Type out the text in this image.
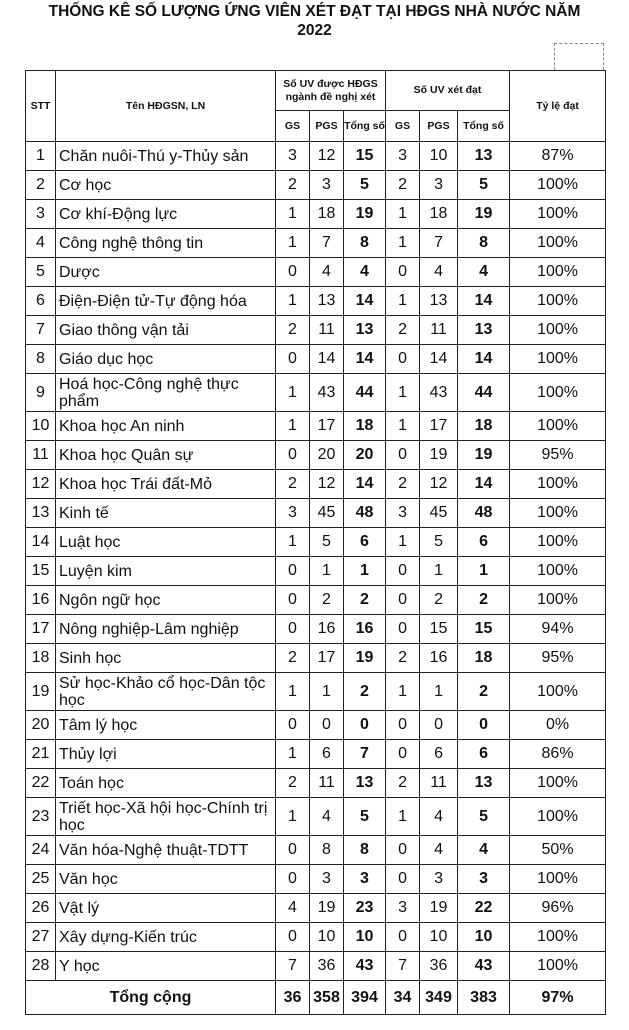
THỐNG KÊ SỐ LƯỢNG ỨNG VIÊN XÉT ĐẠT TẠI HĐGS NHÀ NƯỚC NĂM
2022
STT	Tên HĐGSN, LN	Số UV được HĐGS ngành đề nghị xét			Số UV xét đạt			Tỷ lệ đạt
		GS	PGS	Tổng số	GS	PGS	Tổng số	
1	Chăn nuôi-Thú y-Thủy sản	3	12	15	3	10	13	87%
2	Cơ học	2	3	5	2	3	5	100%
3	Cơ khí-Động lực	1	18	19	1	18	19	100%
4	Công nghệ thông tin	1	7	8	1	7	8	100%
5	Dược	0	4	4	0	4	4	100%
6	Điện-Điện tử-Tự động hóa	1	13	14	1	13	14	100%
7	Giao thông vận tải	2	11	13	2	11	13	100%
8	Giáo dục học	0	14	14	0	14	14	100%
9	Hoá học-Công nghệ thực phẩm	1	43	44	1	43	44	100%
10	Khoa học An ninh	1	17	18	1	17	18	100%
11	Khoa học Quân sự	0	20	20	0	19	19	95%
12	Khoa học Trái đất-Mỏ	2	12	14	2	12	14	100%
13	Kinh tế	3	45	48	3	45	48	100%
14	Luật học	1	5	6	1	5	6	100%
15	Luyện kim	0	1	1	0	1	1	100%
16	Ngôn ngữ học	0	2	2	0	2	2	100%
17	Nông nghiệp-Lâm nghiệp	0	16	16	0	15	15	94%
18	Sinh học	2	17	19	2	16	18	95%
19	Sử học-Khảo cổ học-Dân tộc học	1	1	2	1	1	2	100%
20	Tâm lý học	0	0	0	0	0	0	0%
21	Thủy lợi	1	6	7	0	6	6	86%
22	Toán học	2	11	13	2	11	13	100%
23	Triết học-Xã hội học-Chính trị học	1	4	5	1	4	5	100%
24	Văn hóa-Nghệ thuật-TDTT	0	8	8	0	4	4	50%
25	Văn học	0	3	3	0	3	3	100%
26	Vật lý	4	19	23	3	19	22	96%
27	Xây dựng-Kiến trúc	0	10	10	0	10	10	100%
28	Y học	7	36	43	7	36	43	100%
Tổng cộng		36	358	394	34	349	383	97%
